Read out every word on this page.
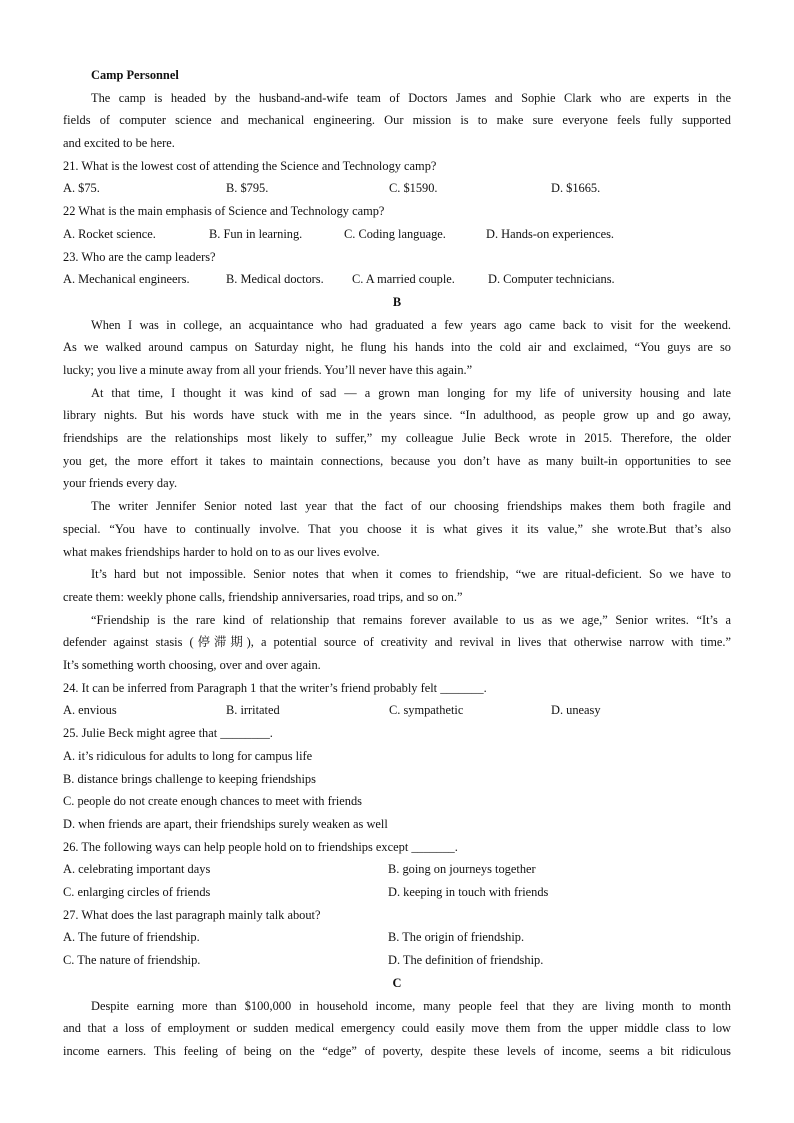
Camp Personnel
The camp is headed by the husband-and-wife team of Doctors James and Sophie Clark who are experts in the
fields of computer science and mechanical engineering. Our mission is to make sure everyone feels fully supported
and excited to be here.
21. What is the lowest cost of attending the Science and Technology camp?
A. $75.	B. $795.	C. $1590.	D. $1665.
22 What is the main emphasis of Science and Technology camp?
A. Rocket science.	B. Fun in learning.	C. Coding language.	D. Hands-on experiences.
23. Who are the camp leaders?
A. Mechanical engineers.	B. Medical doctors. C. A married couple.	D. Computer technicians.
B
When I was in college, an acquaintance who had graduated a few years ago came back to visit for the weekend.
As we walked around campus on Saturday night, he flung his hands into the cold air and exclaimed, “You guys are so
lucky; you live a minute away from all your friends. You’ll never have this again.”
At that time, I thought it was kind of sad — a grown man longing for my life of university housing and late
library nights. But his words have stuck with me in the years since. “In adulthood, as people grow up and go away,
friendships are the relationships most likely to suffer,” my colleague Julie Beck wrote in 2015. Therefore, the older
you get, the more effort it takes to maintain connections, because you don’t have as many built-in opportunities to see
your friends every day.
The writer Jennifer Senior noted last year that the fact of our choosing friendships makes them both fragile and
special. “You have to continually involve. That you choose it is what gives it its value,” she wrote.But that’s also
what makes friendships harder to hold on to as our lives evolve.
It’s hard but not impossible. Senior notes that when it comes to friendship, “we are ritual-deficient. So we have to
create them: weekly phone calls, friendship anniversaries, road trips, and so on.”
“Friendship is the rare kind of relationship that remains forever available to us as we age,” Senior writes. “It’s a
defender against stasis (停滞期), a potential source of creativity and revival in lives that otherwise narrow with time.”
It’s something worth choosing, over and over again.
24. It can be inferred from Paragraph 1 that the writer’s friend probably felt _______.
A. envious	B. irritated	C. sympathetic	D. uneasy
25. Julie Beck might agree that ________.
A. it’s ridiculous for adults to long for campus life
B. distance brings challenge to keeping friendships
C. people do not create enough chances to meet with friends
D. when friends are apart, their friendships surely weaken as well
26. The following ways can help people hold on to friendships except _______.
A. celebrating important days	B. going on journeys together
C. enlarging circles of friends	D. keeping in touch with friends
27. What does the last paragraph mainly talk about?
A. The future of friendship.	B. The origin of friendship.
C. The nature of friendship.	D. The definition of friendship.
C
Despite earning more than $100,000 in household income, many people feel that they are living month to month
and that a loss of employment or sudden medical emergency could easily move them from the upper middle class to low
income earners. This feeling of being on the “edge” of poverty, despite these levels of income, seems a bit ridiculous
